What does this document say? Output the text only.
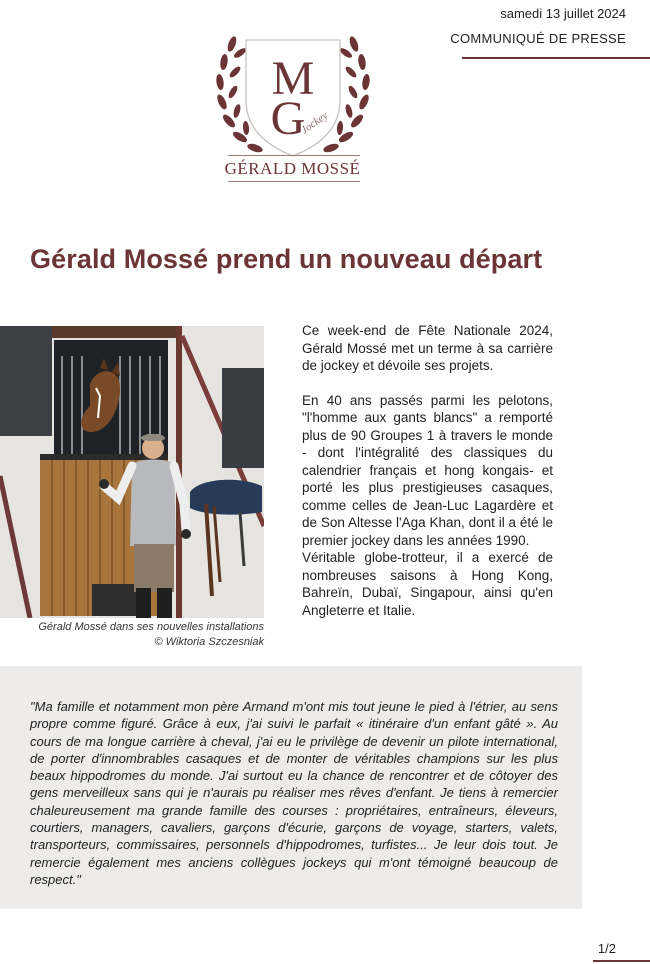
samedi 13 juillet 2024
COMMUNIQUÉ DE PRESSE
M
G
Jockey
GÉRALD MOSSÉ
Gérald Mossé prend un nouveau départ
Gérald Mossé dans ses nouvelles installations
© Wiktoria Szczesniak

Ce week-end de Fête Nationale 2024, Gérald Mossé met un terme à sa carrière de jockey et dévoile ses projets.

En 40 ans passés parmi les pelotons, "l'homme aux gants blancs" a remporté plus de 90 Groupes 1 à travers le monde - dont l'intégralité des classiques du calendrier français et hong kongais- et porté les plus prestigieuses casaques, comme celles de Jean-Luc Lagardère et de Son Altesse l'Aga Khan, dont il a été le premier jockey dans les années 1990.

Véritable globe-trotteur, il a exercé de nombreuses saisons à Hong Kong, Bahreïn, Dubaï, Singapour, ainsi qu'en Angleterre et Italie.

"Ma famille et notamment mon père Armand m'ont mis tout jeune le pied à l'étrier, au sens propre comme figuré. Grâce à eux, j'ai suivi le parfait « itinéraire d'un enfant gâté ». Au cours de ma longue carrière à cheval, j'ai eu le privilège de devenir un pilote international, de porter d'innombrables casaques et de monter de véritables champions sur les plus beaux hippodromes du monde. J'ai surtout eu la chance de rencontrer et de côtoyer des gens merveilleux sans qui je n'aurais pu réaliser mes rêves d'enfant. Je tiens à remercier chaleureusement ma grande famille des courses : propriétaires, entraîneurs, éleveurs, courtiers, managers, cavaliers, garçons d'écurie, garçons de voyage, starters, valets, transporteurs, commissaires, personnels d'hippodromes, turfistes... Je leur dois tout. Je remercie également mes anciens collègues jockeys qui m'ont témoigné beaucoup de respect."

1/2
